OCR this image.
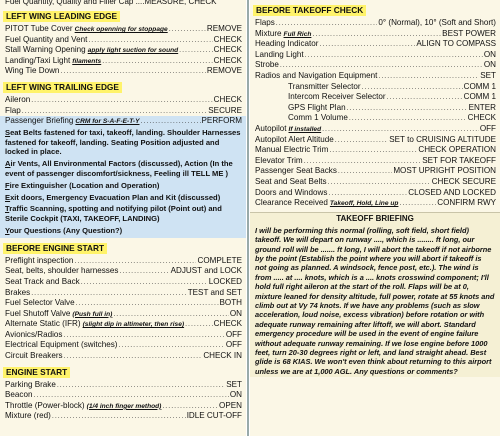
Fuel Quantity, Quality and Filler Cap ....MEASURE, CHECK
LEFT WING LEADING EDGE
PITOT Tube Cover Check openning for stoppage .....	REMOVE
Fuel Quantity and Vent .....	CHECK
Stall Warning Opening apply light suction for sound .....	CHECK
Landing/Taxi Light filaments .....	CHECK
Wing Tie Down .....	REMOVE
LEFT WING TRAILING EDGE
Aileron .....	CHECK
Flap .....	SECURE
Passenger Briefing CRM for S-A-F-E-T-Y .....	PERFORM
Seat Belts fastened for taxi, takeoff, landing. Shoulder Harnesses fastened for takeoff, landing. Seating Position adjusted and locked in place.
Air Vents, All Environmental Factors (discussed), Action (In the event of passenger discomfort/sickness, Feeling ill TELL ME )
Fire Extinguisher (Location and Operation)
Exit doors, Emergency Evacuation Plan and Kit (discussed)
Traffic Scanning, spotting and notifying pilot (Point out) and Sterile Cockpit (TAXI, TAKEOFF, LANDING)
Your Questions (Any Question?)
BEFORE ENGINE START
Preflight inspection .....	COMPLETE
Seat, belts, shoulder harnesses .....	ADJUST and LOCK
Seat Track and Back .....	LOCKED
Brakes .....	TEST and SET
Fuel Selector Valve .....	BOTH
Fuel Shutoff Valve (Push full in) .....	ON
Alternate Static (IFR) (slight dip in altimeter, then rise) .....	CHECK
Avionics/Radios .....	OFF
Electrical Equipment (switches) .....	OFF
Circuit Breakers .....	CHECK IN
ENGINE START
Parking Brake .....	SET
Beacon .....	ON
Throttle (Power-block) (1/4 inch finger method) .....	OPEN
Mixture (red) .....	IDLE CUT-OFF
BEFORE TAKEOFF CHECK
Flaps .....	0° (Normal), 10° (Soft and Short)
Mixture Full Rich .....	BEST POWER
Heading Indicator .....	ALIGN TO COMPASS
Landing Light .....	ON
Strobe .....	ON
Radios and Navigation Equipment .....	SET
Transmitter Selector .....	COMM 1
Intercom Receiver Selector .....	COMM 1
GPS Flight Plan .....	ENTER
Comm 1 Volume .....	CHECK
Autopilot If installed .....	OFF
Autopilot Alert Altitude .....	SET to CRUISING ALTITUDE
Manual Electric Trim .....	CHECK OPERATION
Elevator Trim .....	SET FOR TAKEOFF
Passenger Seat Backs .....	MOST UPRIGHT POSITION
Seat and Seat Belts .....	CHECK SECURE
Doors and Windows .....	CLOSED AND LOCKED
Clearance Received Takeoff, Hold, Line up .....	CONFIRM RWY
TAKEOFF BRIEFING
I will be performing this normal (rolling, soft field, short field) takeoff. We will depart on runway ...., which is ........ ft long, our ground roll will be ....... ft long, I will abort the takeoff if not airborne by the point (Establish the point where you will abort if takeoff is not going as planned. A windsock, fence post, etc.). The wind is from ..... at .... knots, which is a .... knots crosswind component; I'll hold full right aileron at the start of the roll. Flaps will be at 0, mixture leaned for density altitude, full power, rotate at 55 knots and climb out at Vy 74 knots. If we have any problems (such as slow acceleration, loud noise, excess vibration) before rotation or with adequate runway remaining after liftoff, we will abort. Standard emergency procedure will be used in the event of engine failure without adequate runway remaining. If we lose engine before 1000 feet, turn 20-30 degrees right or left, and land straight ahead. Best glide is 68 KIAS. We won't even think about returning to this airport unless we are at 1,000 AGL. Any questions or comments?
